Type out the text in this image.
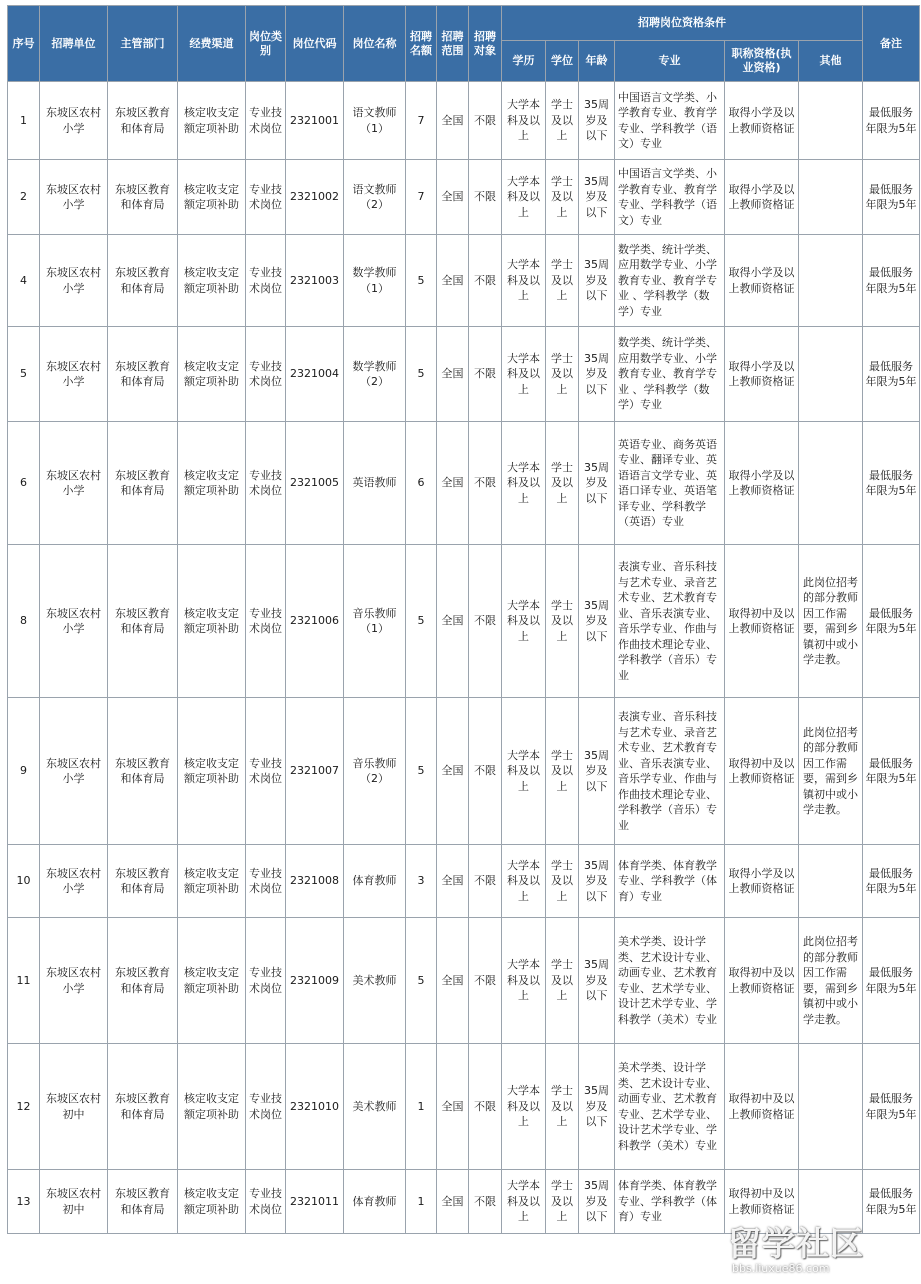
序号	招聘单位	主管部门	经费渠道	岗位类别	岗位代码	岗位名称	招聘名额	招聘范围	招聘对象	招聘岗位资格条件						备注
										学历	学位	年龄	专业	职称资格(执业资格)	其他	
1	东坡区农村小学	东坡区教育和体育局	核定收支定额定项补助	专业技术岗位	2321001	语文教师（1）	7	全国	不限	大学本科及以上	学士及以上	35周岁及以下	中国语言文学类、小学教育专业、教育学专业、学科教学（语文）专业	取得小学及以上教师资格证		最低服务年限为5年
2	东坡区农村小学	东坡区教育和体育局	核定收支定额定项补助	专业技术岗位	2321002	语文教师（2）	7	全国	不限	大学本科及以上	学士及以上	35周岁及以下	中国语言文学类、小学教育专业、教育学专业、学科教学（语文）专业	取得小学及以上教师资格证		最低服务年限为5年
4	东坡区农村小学	东坡区教育和体育局	核定收支定额定项补助	专业技术岗位	2321003	数学教师（1）	5	全国	不限	大学本科及以上	学士及以上	35周岁及以下	数学类、统计学类、应用数学专业、小学教育专业、教育学专业 、学科教学（数学）专业	取得小学及以上教师资格证		最低服务年限为5年
5	东坡区农村小学	东坡区教育和体育局	核定收支定额定项补助	专业技术岗位	2321004	数学教师（2）	5	全国	不限	大学本科及以上	学士及以上	35周岁及以下	数学类、统计学类、应用数学专业、小学教育专业、教育学专业 、学科教学（数学）专业	取得小学及以上教师资格证		最低服务年限为5年
6	东坡区农村小学	东坡区教育和体育局	核定收支定额定项补助	专业技术岗位	2321005	英语教师	6	全国	不限	大学本科及以上	学士及以上	35周岁及以下	英语专业、商务英语专业、翻译专业、英语语言文学专业、英语口译专业、英语笔译专业、学科教学（英语）专业	取得小学及以上教师资格证		最低服务年限为5年
8	东坡区农村小学	东坡区教育和体育局	核定收支定额定项补助	专业技术岗位	2321006	音乐教师（1）	5	全国	不限	大学本科及以上	学士及以上	35周岁及以下	表演专业、音乐科技与艺术专业、录音艺术专业、艺术教育专业、音乐表演专业、音乐学专业、作曲与作曲技术理论专业、学科教学（音乐）专业	取得初中及以上教师资格证	此岗位招考的部分教师因工作需要，需到乡镇初中或小学走教。	最低服务年限为5年
9	东坡区农村小学	东坡区教育和体育局	核定收支定额定项补助	专业技术岗位	2321007	音乐教师（2）	5	全国	不限	大学本科及以上	学士及以上	35周岁及以下	表演专业、音乐科技与艺术专业、录音艺术专业、艺术教育专业、音乐表演专业、音乐学专业、作曲与作曲技术理论专业、学科教学（音乐）专业	取得初中及以上教师资格证	此岗位招考的部分教师因工作需要，需到乡镇初中或小学走教。	最低服务年限为5年
10	东坡区农村小学	东坡区教育和体育局	核定收支定额定项补助	专业技术岗位	2321008	体育教师	3	全国	不限	大学本科及以上	学士及以上	35周岁及以下	体育学类、体育教学专业、学科教学（体育）专业	取得小学及以上教师资格证		最低服务年限为5年
11	东坡区农村小学	东坡区教育和体育局	核定收支定额定项补助	专业技术岗位	2321009	美术教师	5	全国	不限	大学本科及以上	学士及以上	35周岁及以下	美术学类、设计学类、艺术设计专业、动画专业、艺术教育专业、艺术学专业、设计艺术学专业、学科教学（美术）专业	取得初中及以上教师资格证	此岗位招考的部分教师因工作需要，需到乡镇初中或小学走教。	最低服务年限为5年
12	东坡区农村初中	东坡区教育和体育局	核定收支定额定项补助	专业技术岗位	2321010	美术教师	1	全国	不限	大学本科及以上	学士及以上	35周岁及以下	美术学类、设计学类、艺术设计专业、动画专业、艺术教育专业、艺术学专业、设计艺术学专业、学科教学（美术）专业	取得初中及以上教师资格证		最低服务年限为5年
13	东坡区农村初中	东坡区教育和体育局	核定收支定额定项补助	专业技术岗位	2321011	体育教师	1	全国	不限	大学本科及以上	学士及以上	35周岁及以下	体育学类、体育教学专业、学科教学（体育）专业	取得初中及以上教师资格证		最低服务年限为5年
留学社区
bbs.liuxue86.com
